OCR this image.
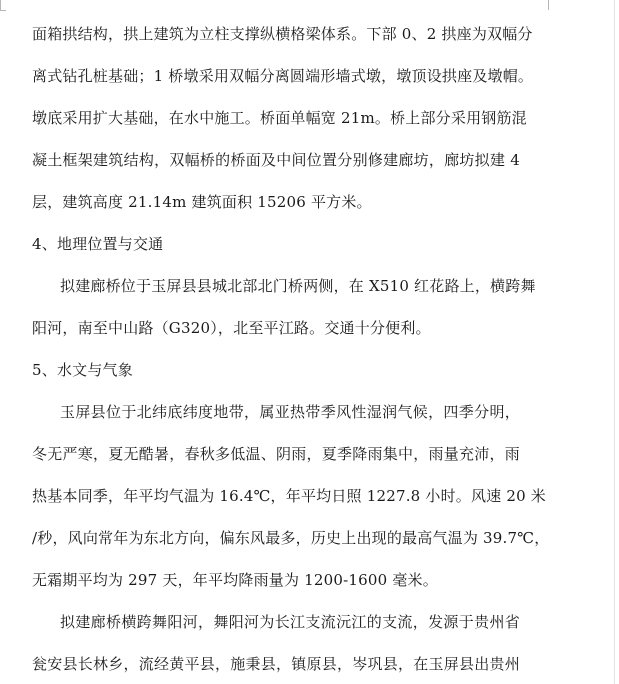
面箱拱结构，拱上建筑为立柱支撑纵横格梁体系。下部 0、2 拱座为双幅分
离式钻孔桩基础；1 桥墩采用双幅分离圆端形墙式墩，墩顶设拱座及墩帽。
墩底采用扩大基础，在水中施工。桥面单幅宽 21m。桥上部分采用钢筋混
凝土框架建筑结构，双幅桥的桥面及中间位置分别修建廊坊，廊坊拟建 4
层，建筑高度 21.14m 建筑面积 15206 平方米。
4、地理位置与交通
拟建廊桥位于玉屏县县城北部北门桥两侧，在 X510 红花路上，横跨舞
阳河，南至中山路（G320），北至平江路。交通十分便利。
5、水文与气象
玉屏县位于北纬底纬度地带，属亚热带季风性湿润气候，四季分明，
冬无严寒，夏无酷暑，春秋多低温、阴雨，夏季降雨集中，雨量充沛，雨
热基本同季，年平均气温为 16.4℃，年平均日照 1227.8 小时。风速 20 米
/秒，风向常年为东北方向，偏东风最多，历史上出现的最高气温为 39.7℃，
无霜期平均为 297 天，年平均降雨量为 1200-1600 毫米。
拟建廊桥横跨舞阳河，舞阳河为长江支流沅江的支流，发源于贵州省
瓮安县长林乡，流经黄平县，施秉县，镇原县，岑巩县，在玉屏县出贵州
